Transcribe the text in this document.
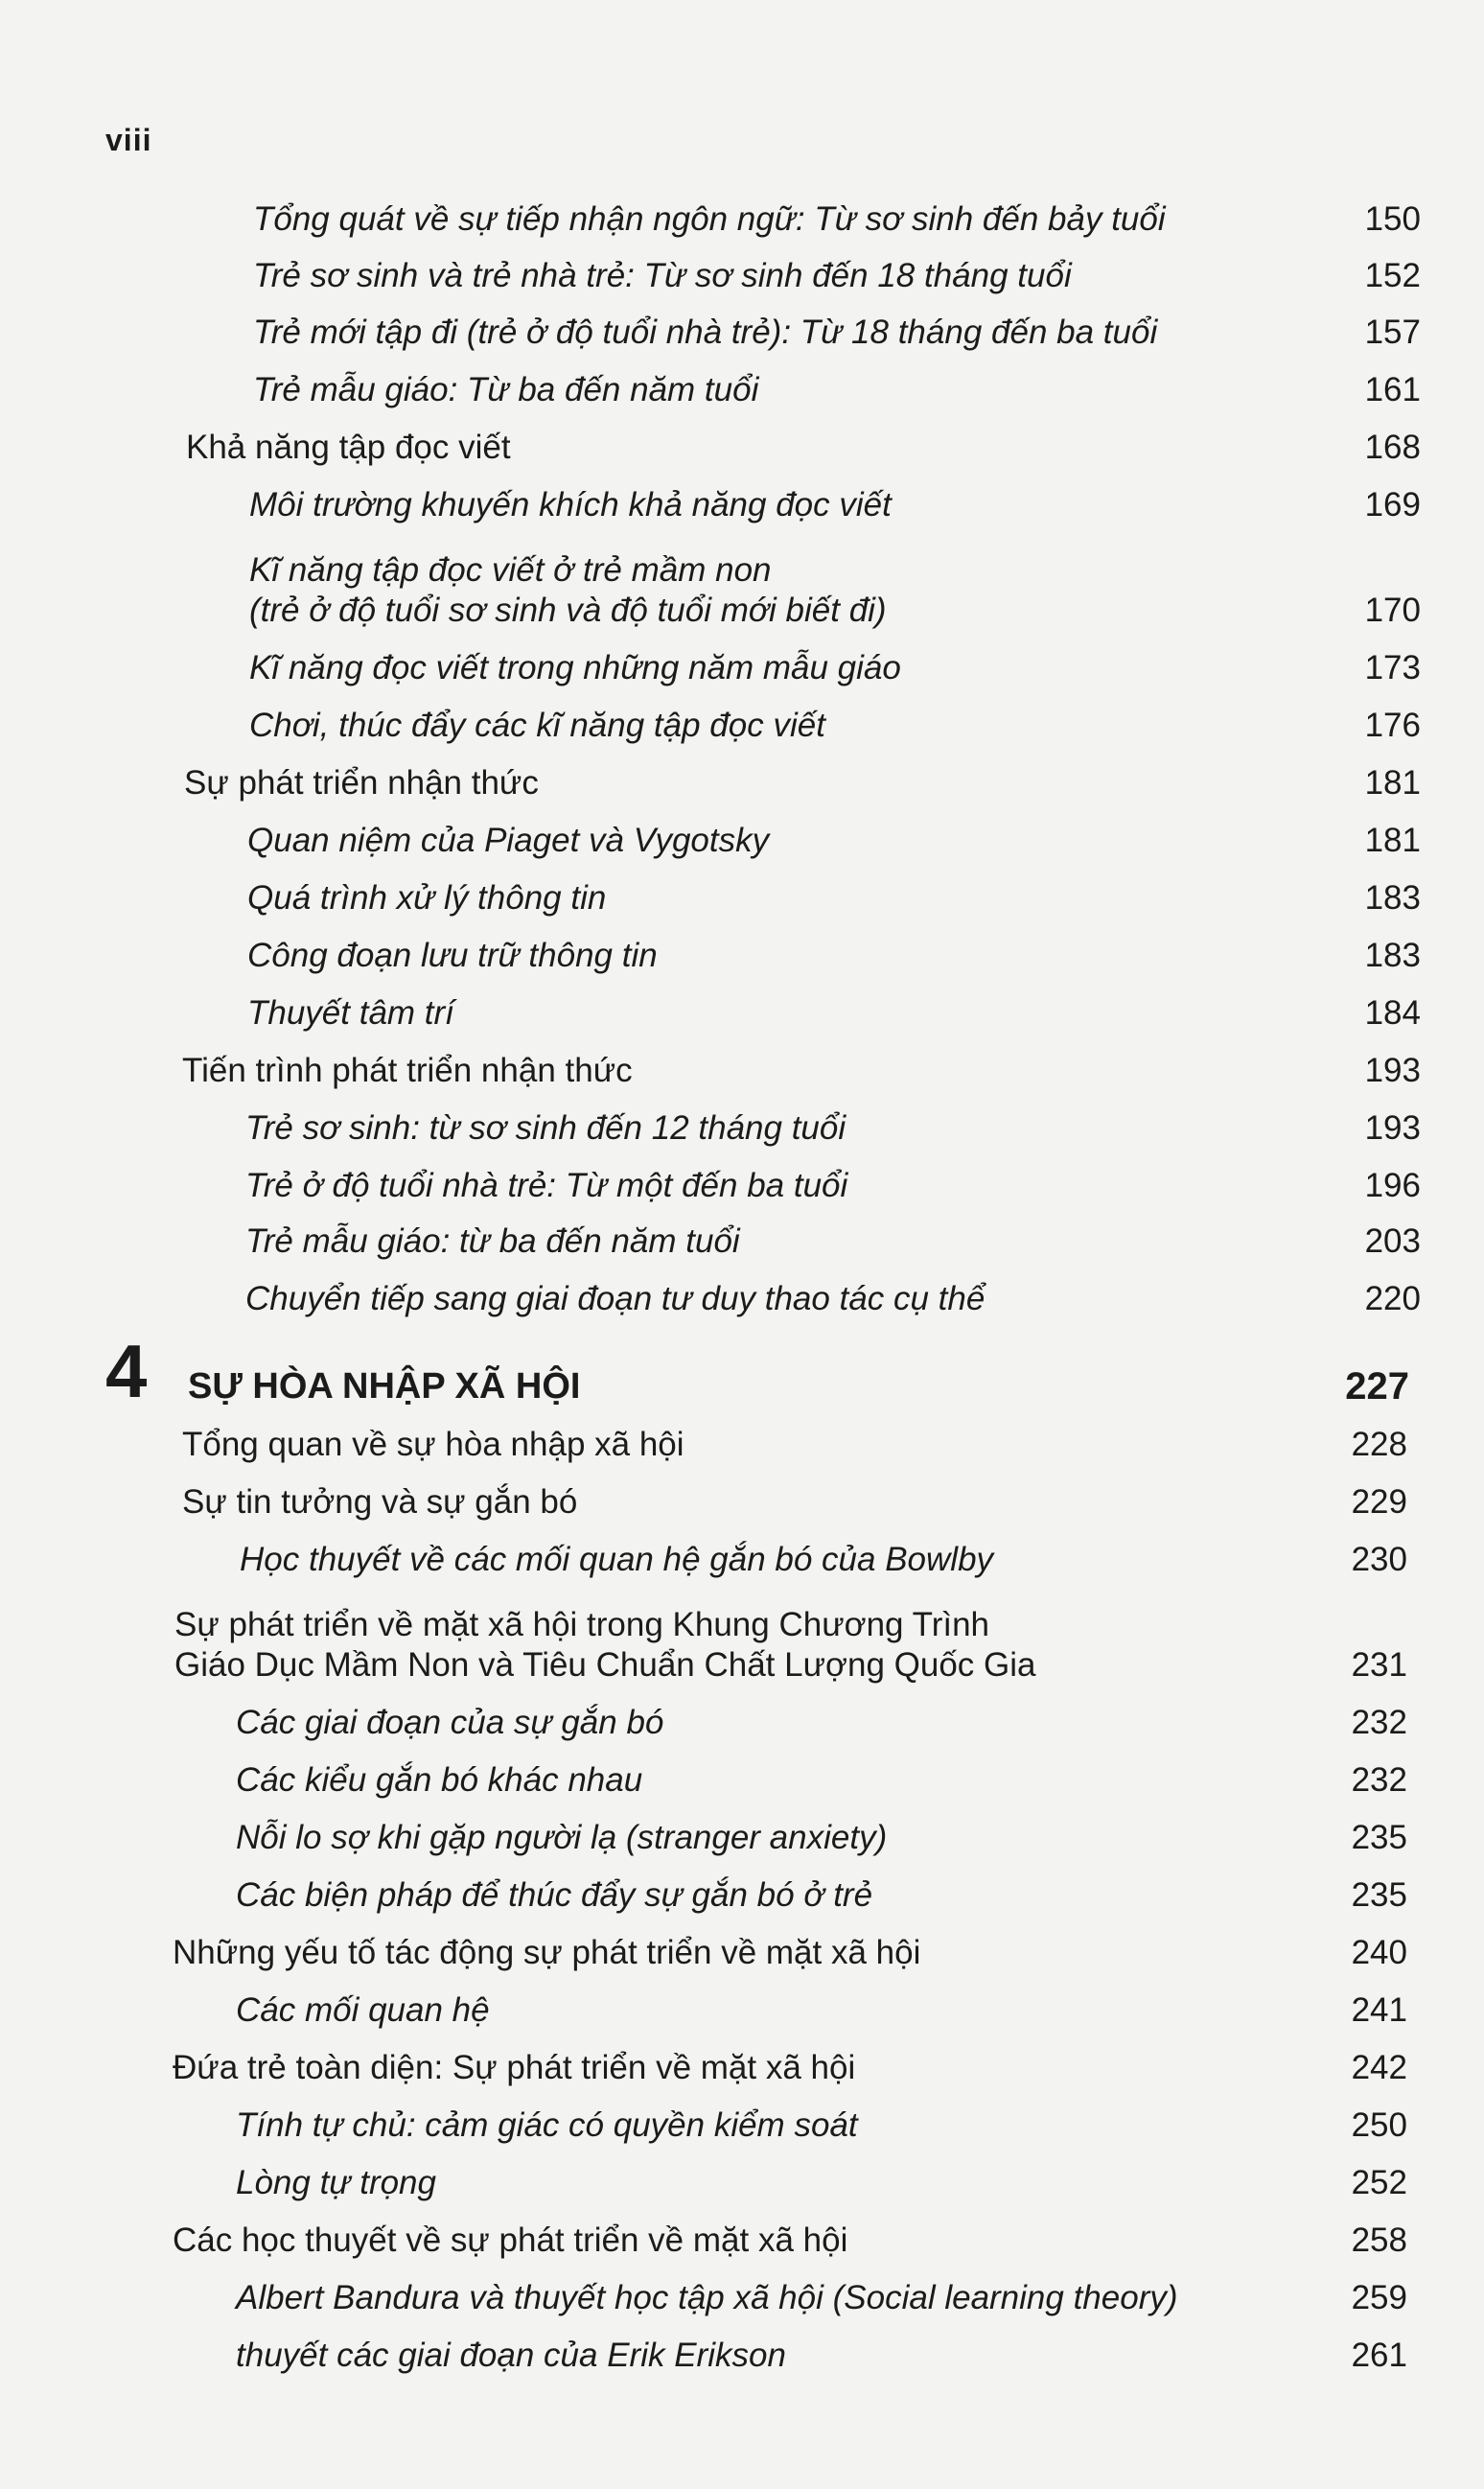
viii
Tổng quát về sự tiếp nhận ngôn ngữ: Từ sơ sinh đến bảy tuổi	150
Trẻ sơ sinh và trẻ nhà trẻ: Từ sơ sinh đến 18 tháng tuổi	152
Trẻ mới tập đi (trẻ ở độ tuổi nhà trẻ): Từ 18 tháng đến ba tuổi	157
Trẻ mẫu giáo: Từ ba đến năm tuổi	161
Khả năng tập đọc viết	168
Môi trường khuyến khích khả năng đọc viết	169
Kĩ năng tập đọc viết ở trẻ mầm non
(trẻ ở độ tuổi sơ sinh và độ tuổi mới biết đi)	170
Kĩ năng đọc viết trong những năm mẫu giáo	173
Chơi, thúc đẩy các kĩ năng tập đọc viết	176
Sự phát triển nhận thức	181
Quan niệm của Piaget và Vygotsky	181
Quá trình xử lý thông tin	183
Công đoạn lưu trữ thông tin	183
Thuyết tâm trí	184
Tiến trình phát triển nhận thức	193
Trẻ sơ sinh: từ sơ sinh đến 12 tháng tuổi	193
Trẻ ở độ tuổi nhà trẻ: Từ một đến ba tuổi	196
Trẻ mẫu giáo: từ ba đến năm tuổi	203
Chuyển tiếp sang giai đoạn tư duy thao tác cụ thể	220
4	SỰ HÒA NHẬP XÃ HỘI	227
Tổng quan về sự hòa nhập xã hội	228
Sự tin tưởng và sự gắn bó	229
Học thuyết về các mối quan hệ gắn bó của Bowlby	230
Sự phát triển về mặt xã hội trong Khung Chương Trình
Giáo Dục Mầm Non và Tiêu Chuẩn Chất Lượng Quốc Gia	231
Các giai đoạn của sự gắn bó	232
Các kiểu gắn bó khác nhau	232
Nỗi lo sợ khi gặp người lạ (stranger anxiety)	235
Các biện pháp để thúc đẩy sự gắn bó ở trẻ	235
Những yếu tố tác động sự phát triển về mặt xã hội	240
Các mối quan hệ	241
Đứa trẻ toàn diện: Sự phát triển về mặt xã hội	242
Tính tự chủ: cảm giác có quyền kiểm soát	250
Lòng tự trọng	252
Các học thuyết về sự phát triển về mặt xã hội	258
Albert Bandura và thuyết học tập xã hội (Social learning theory)	259
thuyết các giai đoạn của Erik Erikson	261
